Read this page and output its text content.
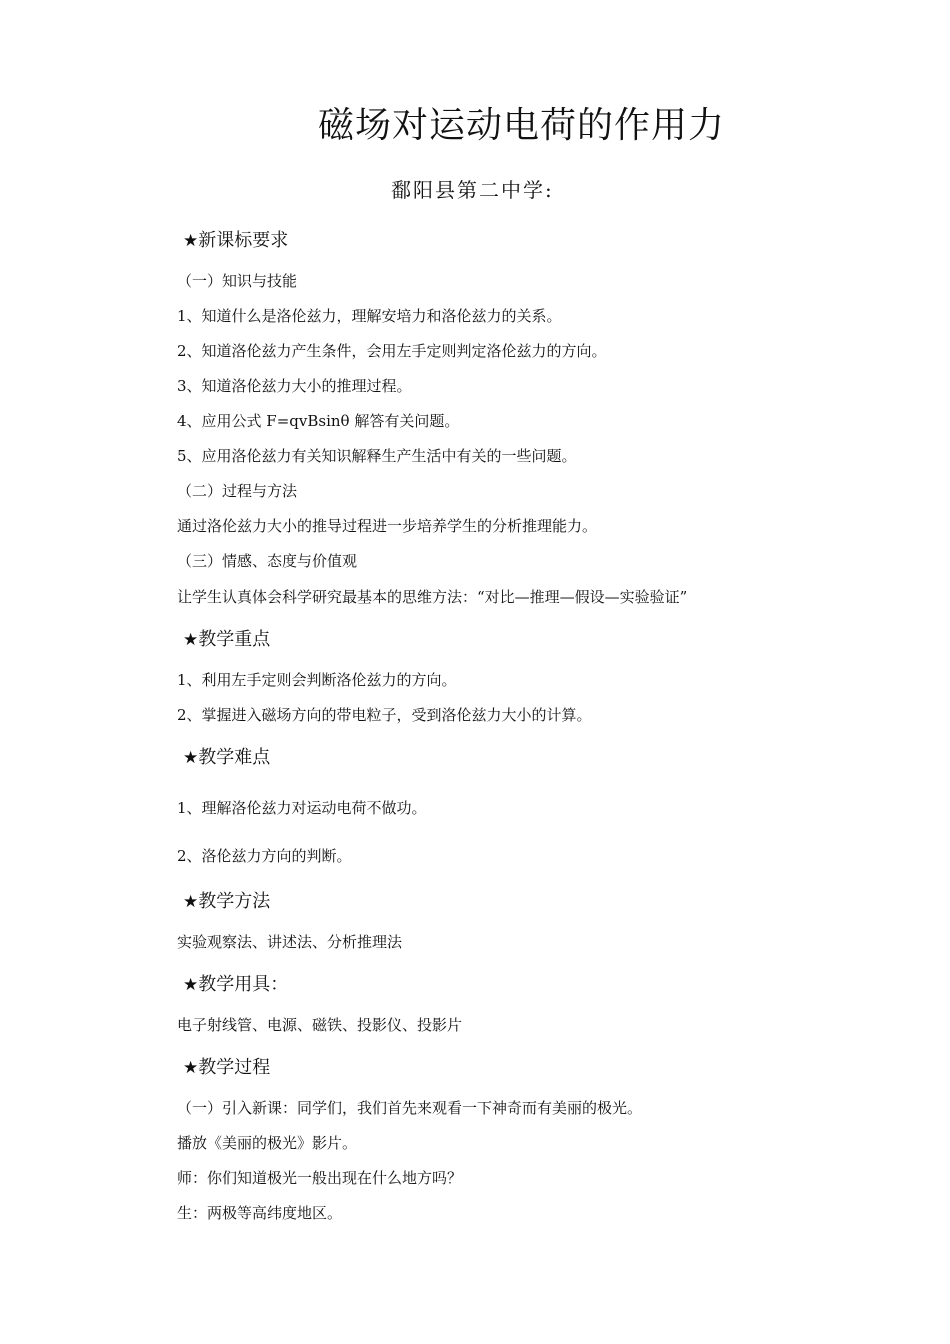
磁场对运动电荷的作用力
鄱阳县第二中学:
★新课标要求
（一）知识与技能
1、知道什么是洛伦兹力，理解安培力和洛伦兹力的关系。
2、知道洛伦兹力产生条件，会用左手定则判定洛伦兹力的方向。
3、知道洛伦兹力大小的推理过程。
4、应用公式 F=qvBsinθ 解答有关问题。
5、应用洛伦兹力有关知识解释生产生活中有关的一些问题。
（二）过程与方法
通过洛伦兹力大小的推导过程进一步培养学生的分析推理能力。
（三）情感、态度与价值观
让学生认真体会科学研究最基本的思维方法：“对比—推理—假设—实验验证”
★教学重点
1、利用左手定则会判断洛伦兹力的方向。
2、掌握进入磁场方向的带电粒子，受到洛伦兹力大小的计算。
★教学难点
1、理解洛伦兹力对运动电荷不做功。
2、洛伦兹力方向的判断。
★教学方法
实验观察法、讲述法、分析推理法
★教学用具：
电子射线管、电源、磁铁、投影仪、投影片
★教学过程
（一）引入新课：同学们，我们首先来观看一下神奇而有美丽的极光。
播放《美丽的极光》影片。
师：你们知道极光一般出现在什么地方吗？
生：两极等高纬度地区。
